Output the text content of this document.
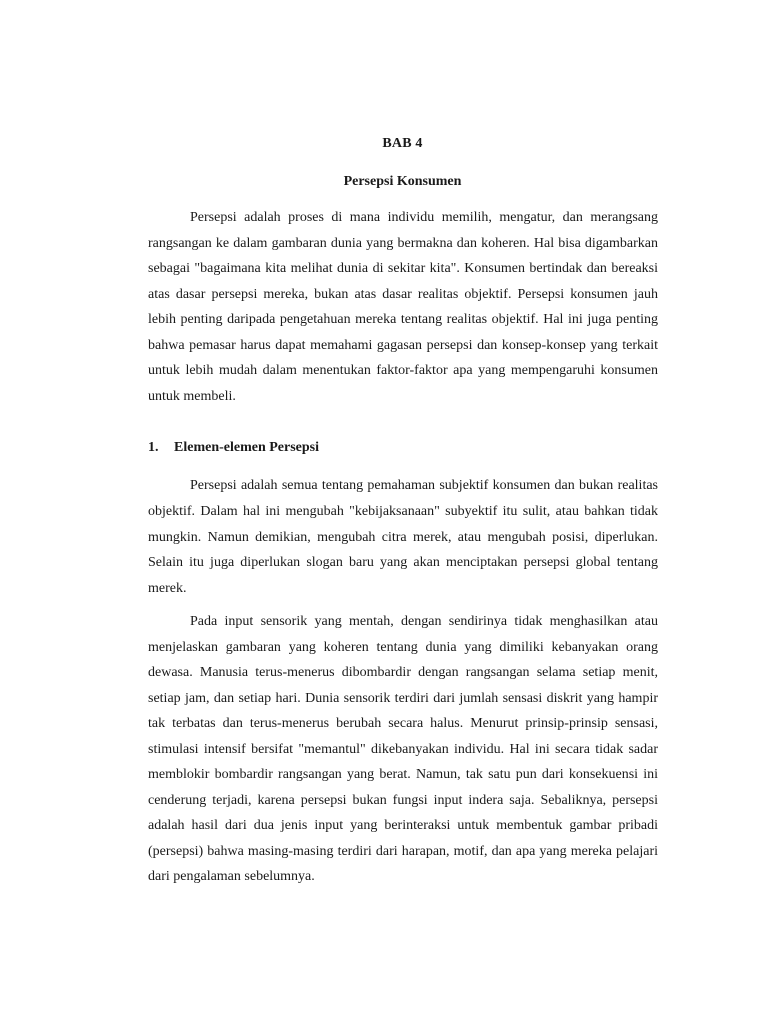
BAB 4
Persepsi Konsumen

Persepsi adalah proses di mana individu memilih, mengatur, dan merangsang rangsangan ke dalam gambaran dunia yang bermakna dan koheren. Hal bisa digambarkan sebagai "bagaimana kita melihat dunia di sekitar kita". Konsumen bertindak dan bereaksi atas dasar persepsi mereka, bukan atas dasar realitas objektif. Persepsi konsumen jauh lebih penting daripada pengetahuan mereka tentang realitas objektif. Hal ini juga penting bahwa pemasar harus dapat memahami gagasan persepsi dan konsep-konsep yang terkait untuk lebih mudah dalam menentukan faktor-faktor apa yang mempengaruhi konsumen untuk membeli.

1. Elemen-elemen Persepsi

Persepsi adalah semua tentang pemahaman subjektif konsumen dan bukan realitas objektif. Dalam hal ini mengubah "kebijaksanaan" subyektif itu sulit, atau bahkan tidak mungkin. Namun demikian, mengubah citra merek, atau mengubah posisi, diperlukan. Selain itu juga diperlukan slogan baru yang akan menciptakan persepsi global tentang merek.

Pada input sensorik yang mentah, dengan sendirinya tidak menghasilkan atau menjelaskan gambaran yang koheren tentang dunia yang dimiliki kebanyakan orang dewasa. Manusia terus-menerus dibombardir dengan rangsangan selama setiap menit, setiap jam, dan setiap hari. Dunia sensorik terdiri dari jumlah sensasi diskrit yang hampir tak terbatas dan terus-menerus berubah secara halus. Menurut prinsip-prinsip sensasi, stimulasi intensif bersifat "memantul" dikebanyakan individu. Hal ini secara tidak sadar memblokir bombardir rangsangan yang berat. Namun, tak satu pun dari konsekuensi ini cenderung terjadi, karena persepsi bukan fungsi input indera saja. Sebaliknya, persepsi adalah hasil dari dua jenis input yang berinteraksi untuk membentuk gambar pribadi (persepsi) bahwa masing-masing terdiri dari harapan, motif, dan apa yang mereka pelajari dari pengalaman sebelumnya.
